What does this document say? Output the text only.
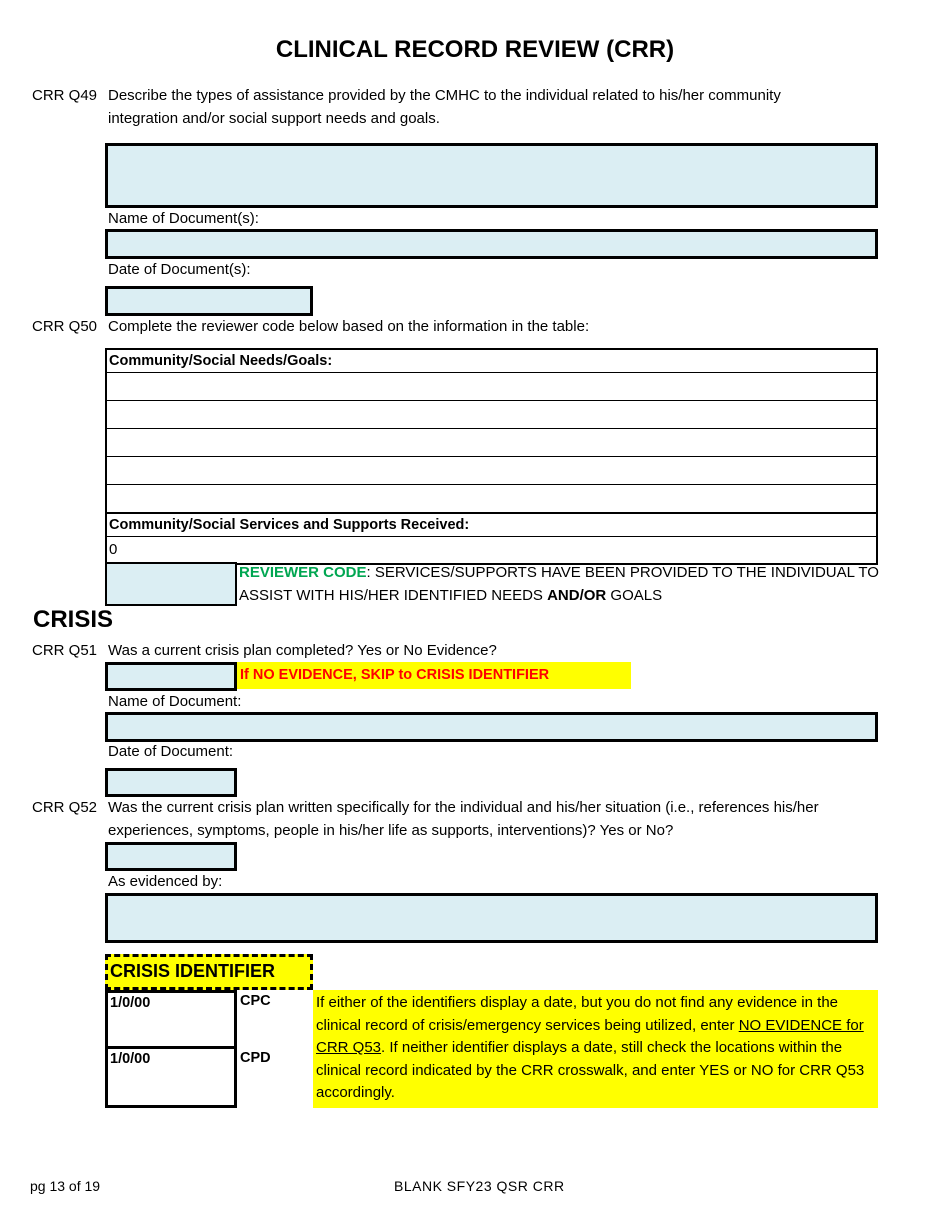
CLINICAL RECORD REVIEW (CRR)
CRR Q49 Describe the types of assistance provided by the CMHC to the individual related to his/her community
integration and/or social support needs and goals.
Name of Document(s):
Date of Document(s):
CRR Q50 Complete the reviewer code below based on the information in the table:
Community/Social Needs/Goals:
Community/Social Services and Supports Received:
0
REVIEWER CODE: SERVICES/SUPPORTS HAVE BEEN PROVIDED TO THE INDIVIDUAL TO
ASSIST WITH HIS/HER IDENTIFIED NEEDS AND/OR GOALS
CRISIS
CRR Q51 Was a current crisis plan completed? Yes or No Evidence?
If NO EVIDENCE, SKIP to CRISIS IDENTIFIER
Name of Document:
Date of Document:
CRR Q52 Was the current crisis plan written specifically for the individual and his/her situation (i.e., references his/her
experiences, symptoms, people in his/her life as supports, interventions)? Yes or No?
As evidenced by:
CRISIS IDENTIFIER
1/0/00
1/0/00
CPC
CPD
If either of the identifiers display a date, but you do not find any evidence in the clinical record of crisis/emergency services being utilized, enter NO EVIDENCE for CRR Q53. If neither identifier displays a date, still check the locations within the clinical record indicated by the CRR crosswalk, and enter YES or NO for CRR Q53 accordingly.
pg 13 of 19	BLANK SFY23 QSR CRR
